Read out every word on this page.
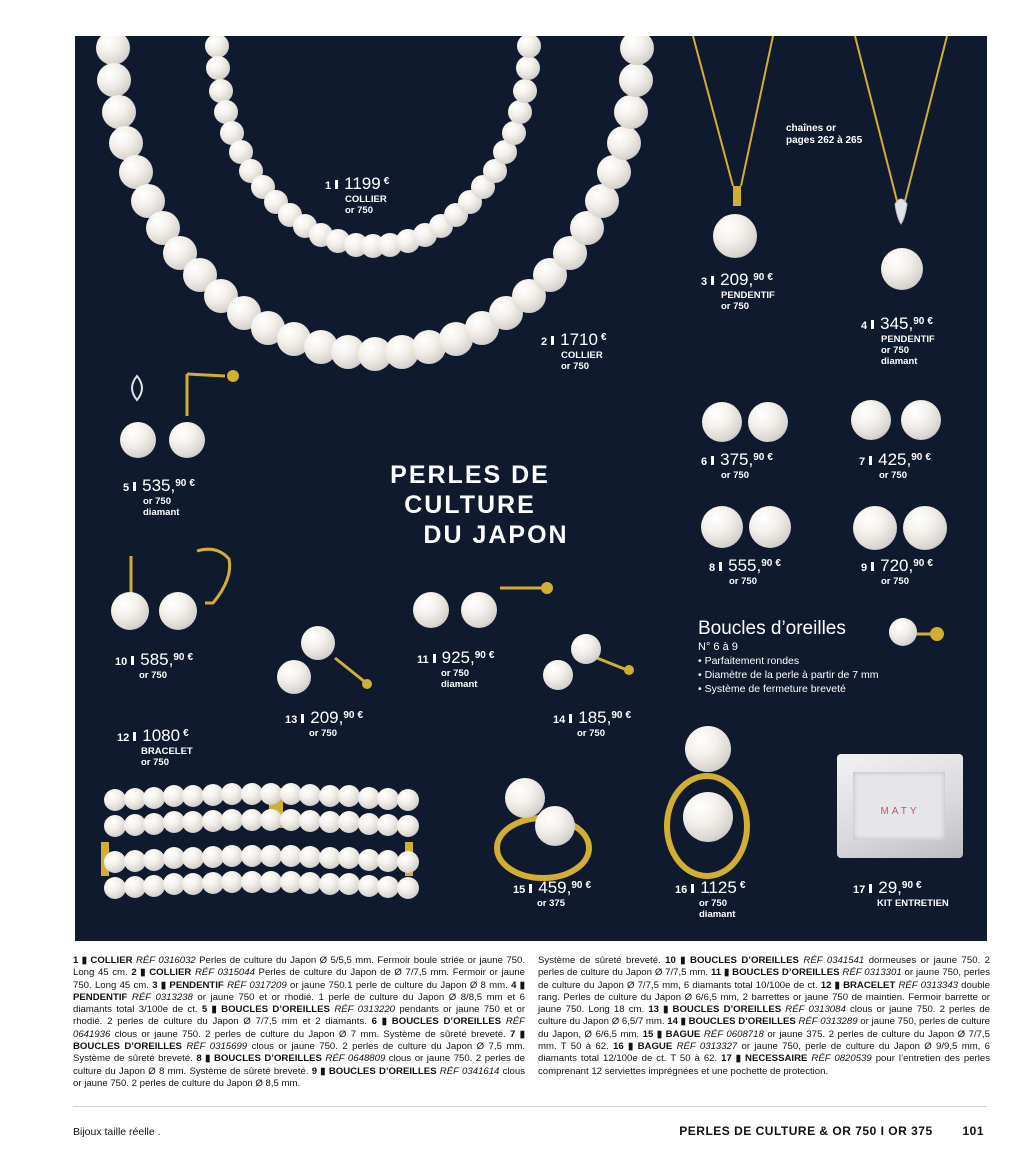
MATY
PERLES DE CULTURE
DU JAPON
chaînes or
pages 262 à 265
Boucles d’oreilles
N° 6 à 9
• Parfaitement rondes
• Diamètre de la perle à partir de 7 mm
• Système de fermeture breveté
1 1199 €
COLLIER
or 750
2 1710 €
COLLIER
or 750
3 209,90 €
PENDENTIF
or 750
4 345,90 €
PENDENTIF
or 750
diamant
5 535,90 €
or 750
diamant
6 375,90 €
or 750
7 425,90 €
or 750
8 555,90 €
or 750
9 720,90 €
or 750
10 585,90 €
or 750
11 925,90 €
or 750
diamant
12 1080 €
BRACELET
or 750
13 209,90 €
or 750
14 185,90 €
or 750
15 459,90 €
or 375
16 1125 €
or 750
diamant
17 29,90 €
KIT ENTRETIEN
1 ▮ COLLIER RÉF 0316032 Perles de culture du Japon Ø 5/5,5 mm. Fermoir boule striée or jaune 750. Long 45 cm. 2 ▮ COLLIER RÉF 0315044 Perles de culture du Japon de Ø 7/7,5 mm. Fermoir or jaune 750. Long 45 cm. 3 ▮ PENDENTIF RÉF 0317209 or jaune 750.1 perle de culture du Japon Ø 8 mm. 4 ▮ PENDENTIF RÉF 0313238 or jaune 750 et or rhodié. 1 perle de culture du Japon Ø 8/8,5 mm et 6 diamants total 3/100e de ct. 5 ▮ BOUCLES D’OREILLES RÉF 0313220 pendants or jaune 750 et or rhodié. 2 perles de culture du Japon Ø 7/7,5 mm et 2 diamants. 6 ▮ BOUCLES D’OREILLES RÉF 0641936 clous or jaune 750. 2 perles de culture du Japon Ø 7 mm. Système de sûreté breveté. 7 ▮ BOUCLES D’OREILLES RÉF 0315699 clous or jaune 750. 2 perles de culture du Japon Ø 7,5 mm. Système de sûreté breveté. 8 ▮ BOUCLES D’OREILLES RÉF 0648809 clous or jaune 750. 2 perles de culture du Japon Ø 8 mm. Système de sûreté breveté. 9 ▮ BOUCLES D’OREILLES RÉF 0341614 clous or jaune 750. 2 perles de culture du Japon Ø 8,5 mm.
Système de sûreté breveté. 10 ▮ BOUCLES D’OREILLES RÉF 0341541 dormeuses or jaune 750. 2 perles de culture du Japon Ø 7/7,5 mm. 11 ▮ BOUCLES D’OREILLES RÉF 0313301 or jaune 750, perles de culture du Japon Ø 7/7,5 mm, 6 diamants total 10/100e de ct. 12 ▮ BRACELET RÉF 0313343 double rang. Perles de culture du Japon Ø 6/6,5 mm, 2 barrettes or jaune 750 de maintien. Fermoir barrette or jaune 750. Long 18 cm. 13 ▮ BOUCLES D’OREILLES RÉF 0313084 clous or jaune 750. 2 perles de culture du Japon Ø 6,5/7 mm. 14 ▮ BOUCLES D’OREILLES RÉF 0313289 or jaune 750, perles de culture du Japon, Ø 6/6,5 mm. 15 ▮ BAGUE RÉF 0608718 or jaune 375. 2 perles de culture du Japon Ø 7/7,5 mm. T 50 à 62. 16 ▮ BAGUE RÉF 0313327 or jaune 750, perle de culture du Japon Ø 9/9,5 mm, 6 diamants total 12/100e de ct. T 50 à 62. 17 ▮ NECESSAIRE RÉF 0820539 pour l’entretien des perles comprenant 12 serviettes imprégnées et une pochette de protection.
Bijoux taille réelle .	PERLES DE CULTURE & OR 750 I OR 375 101
